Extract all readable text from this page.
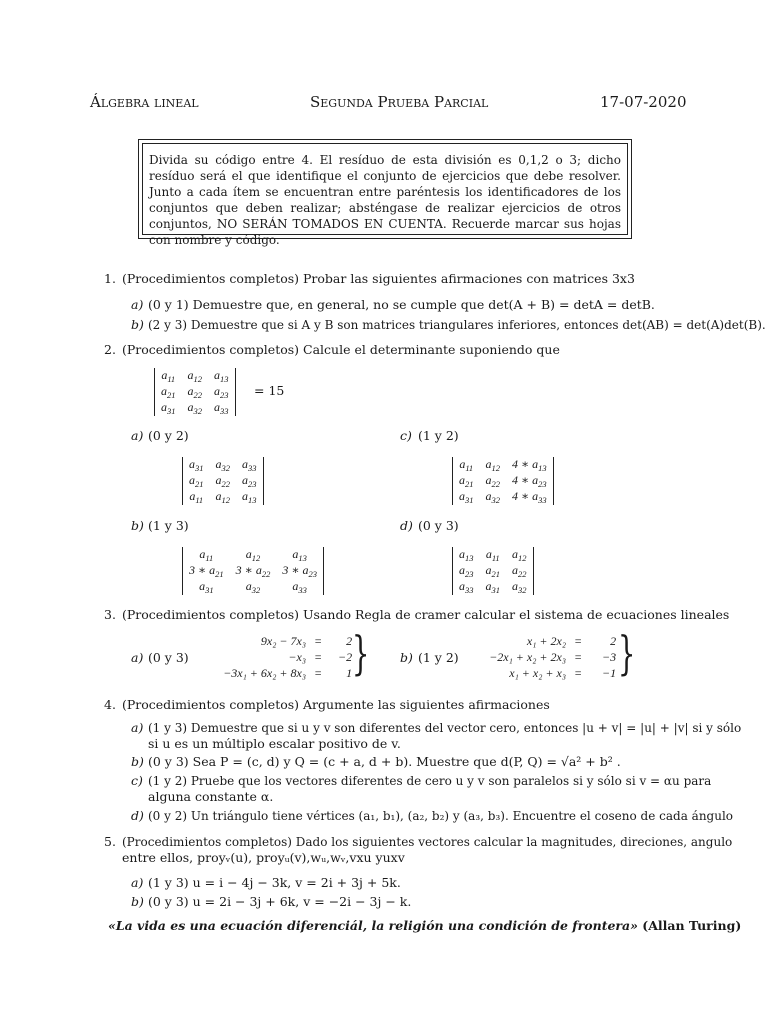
Álgebra lineal	Segunda Prueba Parcial	17-07-2020
Divida su código entre 4. El resíduo de esta división es 0,1,2 o 3; dicho resíduo será el que identifique el conjunto de ejercicios que debe resolver. Junto a cada ítem se encuentran entre paréntesis los identificadores de los conjuntos que deben realizar; absténgase de realizar ejercicios de otros conjuntos, NO SERÁN TOMADOS EN CUENTA. Recuerde marcar sus hojas con nombre y código.
1. (Procedimientos completos) Probar las siguientes afirmaciones con matrices 3x3
a) (0 y 1) Demuestre que, en general, no se cumple que det(A + B) = detA = detB.
b) (2 y 3) Demuestre que si A y B son matrices triangulares inferiores, entonces det(AB) = det(A)det(B).
2. (Procedimientos completos) Calcule el determinante suponiendo que
$a_{11}$	$a_{12}$	$a_{13}$
$a_{21}$	$a_{22}$	$a_{23}$
$a_{31}$	$a_{32}$	$a_{33}$
= 15
a) (0 y 2)
$a_{31}$	$a_{32}$	$a_{33}$
$a_{21}$	$a_{22}$	$a_{23}$
$a_{11}$	$a_{12}$	$a_{13}$
c) (1 y 2)
$a_{11}$	$a_{12}$	4 ∗ $a_{13}$
$a_{21}$	$a_{22}$	4 ∗ $a_{23}$
$a_{31}$	$a_{32}$	4 ∗ $a_{33}$
b) (1 y 3)
$a_{11}$	$a_{12}$	$a_{13}$
3 ∗ $a_{21}$	3 ∗ $a_{22}$	3 ∗ $a_{23}$
$a_{31}$	$a_{32}$	$a_{33}$
d) (0 y 3)
$a_{13}$	$a_{11}$	$a_{12}$
$a_{23}$	$a_{21}$	$a_{22}$
$a_{33}$	$a_{31}$	$a_{32}$
3. (Procedimientos completos) Usando Regla de cramer calcular el sistema de ecuaciones lineales
a) (0 y 3)
9x₂ − 7x₃	=	2
−x₃	=	−2
−3x₁ + 6x₂ + 8x₃	=	1 } b) (1 y 2)
x₁ + 2x₂	=	2
−2x₁ + x₂ + 2x₃	=	−3
x₁ + x₂ + x₃	=	−1 }
4. (Procedimientos completos) Argumente las siguientes afirmaciones
a) (1 y 3) Demuestre que si u y v son diferentes del vector cero, entonces |u + v| = |u| + |v| si y sólo
si u es un múltiplo escalar positivo de v.
b) (0 y 3) Sea P = (c, d) y Q = (c + a, d + b). Muestre que d(P, Q) = √a² + b² .
c) (1 y 2) Pruebe que los vectores diferentes de cero u y v son paralelos si y sólo si v = αu para
alguna constante α.
d) (0 y 2) Un triángulo tiene vértices (a₁, b₁), (a₂, b₂) y (a₃, b₃). Encuentre el coseno de cada ángulo
5. (Procedimientos completos) Dado los siguientes vectores calcular la magnitudes, direciones, angulo
entre ellos, proyᵥ(u), proyᵤ(v),wᵤ,wᵥ,vxu yuxv
a) (1 y 3) u = i − 4j − 3k, v = 2i + 3j + 5k.
b) (0 y 3) u = 2i − 3j + 6k, v = −2i − 3j − k.
«La vida es una ecuación diferenciál, la religión una condición de frontera» (Allan Turing)
